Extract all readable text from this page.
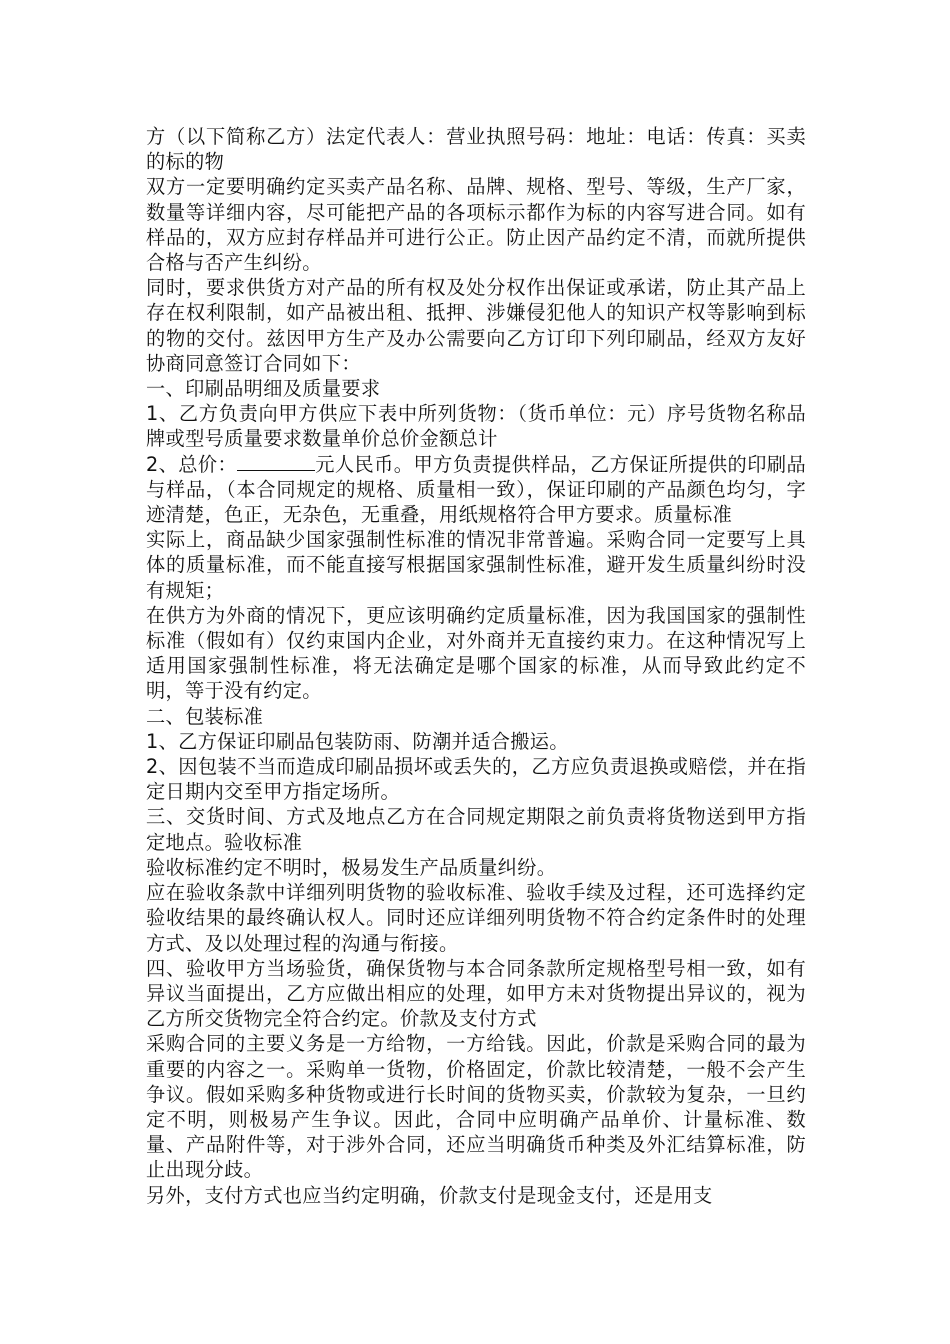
方（以下简称乙方）法定代表人：营业执照号码：地址：电话：传真：买卖的标的物

双方一定要明确约定买卖产品名称、品牌、规格、型号、等级，生产厂家，数量等详细内容，尽可能把产品的各项标示都作为标的内容写进合同。如有样品的，双方应封存样品并可进行公正。防止因产品约定不清，而就所提供合格与否产生纠纷。

同时，要求供货方对产品的所有权及处分权作出保证或承诺，防止其产品上存在权利限制，如产品被出租、抵押、涉嫌侵犯他人的知识产权等影响到标的物的交付。兹因甲方生产及办公需要向乙方订印下列印刷品，经双方友好协商同意签订合同如下：

一、印刷品明细及质量要求

1、乙方负责向甲方供应下表中所列货物：（货币单位：元）序号货物名称品牌或型号质量要求数量单价总价金额总计

2、总价：	元人民币。甲方负责提供样品，乙方保证所提供的印刷品与样品，（本合同规定的规格、质量相一致），保证印刷的产品颜色均匀，字迹清楚，色正，无杂色，无重叠，用纸规格符合甲方要求。质量标准

实际上，商品缺少国家强制性标准的情况非常普遍。采购合同一定要写上具体的质量标准，而不能直接写根据国家强制性标准，避开发生质量纠纷时没有规矩；

在供方为外商的情况下，更应该明确约定质量标准，因为我国国家的强制性标准（假如有）仅约束国内企业，对外商并无直接约束力。在这种情况写上适用国家强制性标准，将无法确定是哪个国家的标准，从而导致此约定不明，等于没有约定。

二、包装标准

1、乙方保证印刷品包装防雨、防潮并适合搬运。

2、因包装不当而造成印刷品损坏或丢失的，乙方应负责退换或赔偿，并在指定日期内交至甲方指定场所。

三、交货时间、方式及地点乙方在合同规定期限之前负责将货物送到甲方指定地点。验收标准

验收标准约定不明时，极易发生产品质量纠纷。

应在验收条款中详细列明货物的验收标准、验收手续及过程，还可选择约定验收结果的最终确认权人。同时还应详细列明货物不符合约定条件时的处理方式、及以处理过程的沟通与衔接。

四、验收甲方当场验货，确保货物与本合同条款所定规格型号相一致，如有异议当面提出，乙方应做出相应的处理，如甲方未对货物提出异议的，视为乙方所交货物完全符合约定。价款及支付方式

采购合同的主要义务是一方给物，一方给钱。因此，价款是采购合同的最为重要的内容之一。采购单一货物，价格固定，价款比较清楚，一般不会产生争议。假如采购多种货物或进行长时间的货物买卖，价款较为复杂，一旦约定不明，则极易产生争议。因此，合同中应明确产品单价、计量标准、数量、产品附件等，对于涉外合同，还应当明确货币种类及外汇结算标准，防止出现分歧。

另外，支付方式也应当约定明确，价款支付是现金支付，还是用支
